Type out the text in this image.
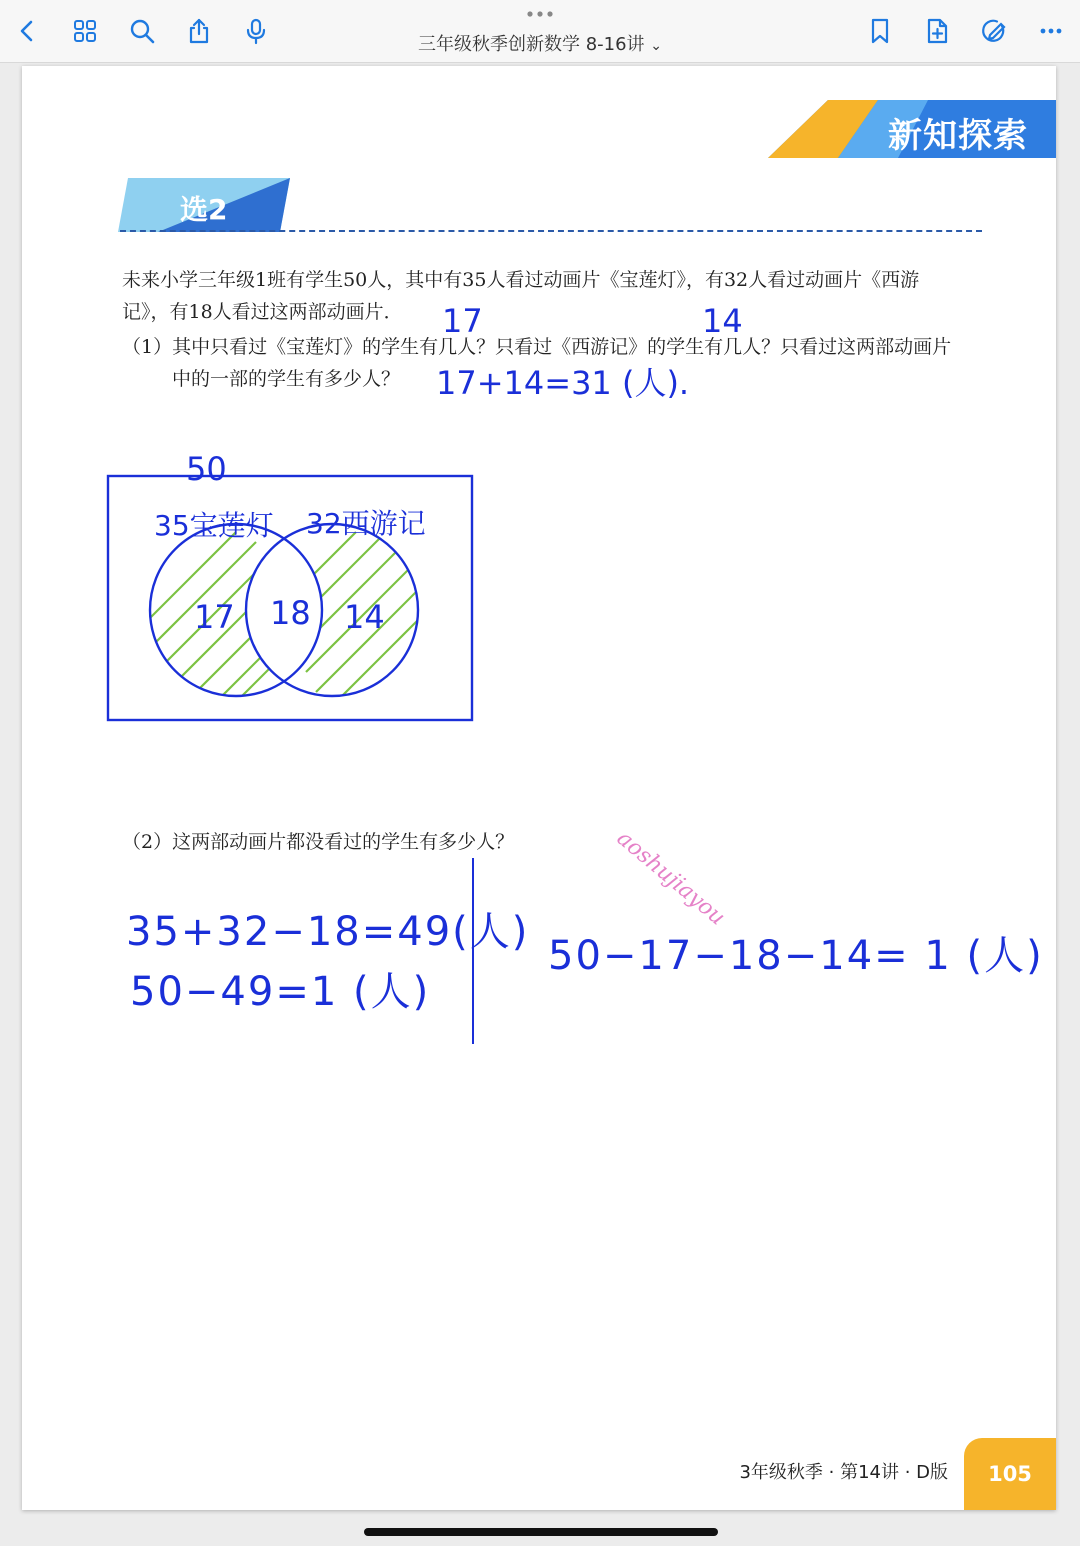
三年级秋季创新数学 8-16讲 ⌄
新知探索
选2
未来小学三年级1班有学生50人，其中有35人看过动画片《宝莲灯》，有32人看过动画片《西游
记》，有18人看过这两部动画片．
（1）其中只看过《宝莲灯》的学生有几人？只看过《西游记》的学生有几人？只看过这两部动画片
中的一部的学生有多少人？
17	14
17+14=31 (人).
50
35宝莲灯 32西游记
17 18 14
aoshujiayou
（2）这两部动画片都没看过的学生有多少人？
35+32−18=49(人)
50−49=1 (人)
50−17−18−14= 1 (人)
3年级秋季 · 第14讲 · D版	105
